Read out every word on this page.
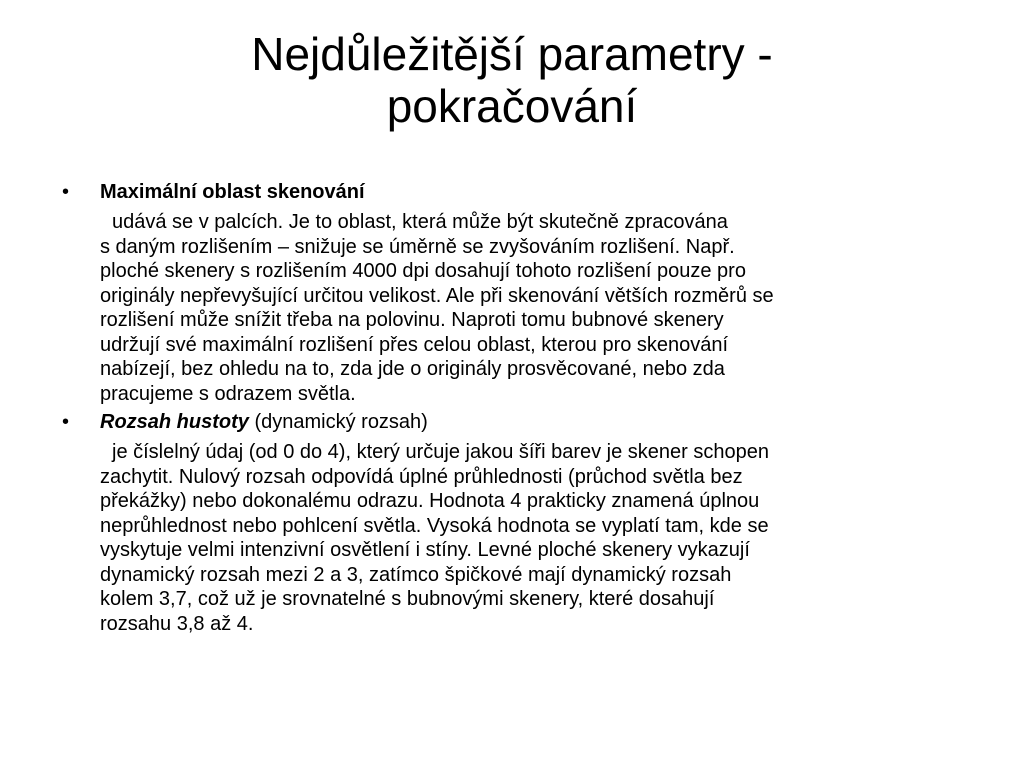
Nejdůležitější parametry -
pokračování

• Maximální oblast skenování

udává se v palcích. Je to oblast, která může být skutečně zpracována
s daným rozlišením – snižuje se úměrně se zvyšováním rozlišení. Např.
ploché skenery s rozlišením 4000 dpi dosahují tohoto rozlišení pouze pro
originály nepřevyšující určitou velikost. Ale při skenování větších rozměrů se
rozlišení může snížit třeba na polovinu. Naproti tomu bubnové skenery
udržují své maximální rozlišení přes celou oblast, kterou pro skenování
nabízejí, bez ohledu na to, zda jde o originály prosvěcované, nebo zda
pracujeme s odrazem světla.

• Rozsah hustoty (dynamický rozsah)

je číslelný údaj (od 0 do 4), který určuje jakou šíři barev je skener schopen
zachytit. Nulový rozsah odpovídá úplné průhlednosti (průchod světla bez
překážky) nebo dokonalému odrazu. Hodnota 4 prakticky znamená úplnou
neprůhlednost nebo pohlcení světla. Vysoká hodnota se vyplatí tam, kde se
vyskytuje velmi intenzivní osvětlení i stíny. Levné ploché skenery vykazují
dynamický rozsah mezi 2 a 3, zatímco špičkové mají dynamický rozsah
kolem 3,7, což už je srovnatelné s bubnovými skenery, které dosahují
rozsahu 3,8 až 4.
